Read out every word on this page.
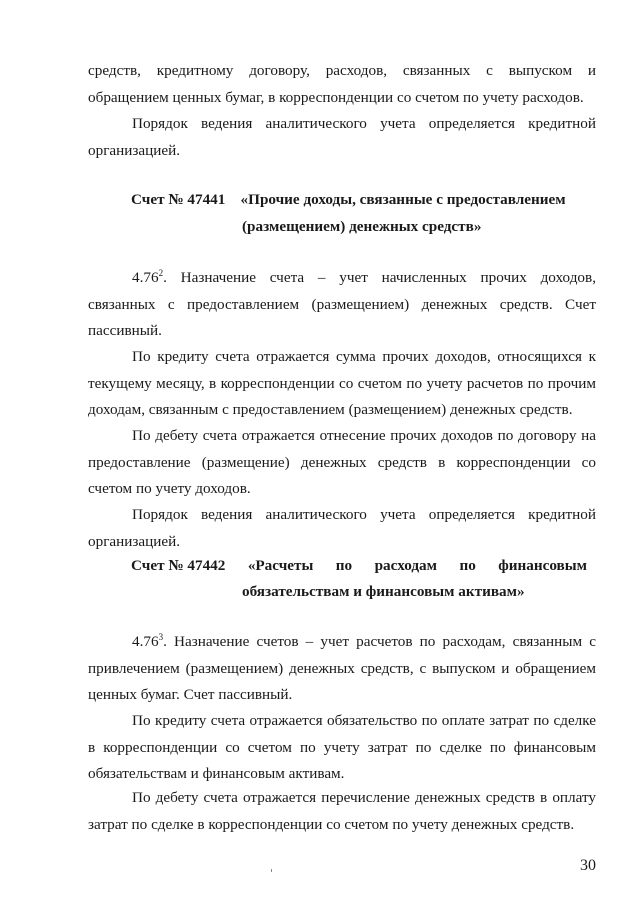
средств, кредитному договору, расходов, связанных с выпуском и обращением ценных бумаг, в корреспонденции со счетом по учету расходов.

Порядок ведения аналитического учета определяется кредитной организацией.

Счет № 47441    «Прочие доходы, связанные с предоставлением
(размещением) денежных средств»

4.76$^2$. Назначение счета – учет начисленных прочих доходов, связанных с предоставлением (размещением) денежных средств. Счет пассивный.

По кредиту счета отражается сумма прочих доходов, относящихся к текущему месяцу, в корреспонденции со счетом по учету расчетов по прочим доходам, связанным с предоставлением (размещением) денежных средств.

По дебету счета отражается отнесение прочих доходов по договору на предоставление (размещение) денежных средств в корреспонденции со счетом по учету доходов.

Порядок ведения аналитического учета определяется кредитной организацией.

Счет № 47442 «Расчеты по расходам по финансовым
обязательствам и финансовым активам»

4.76$^3$. Назначение счетов – учет расчетов по расходам, связанным с привлечением (размещением) денежных средств, с выпуском и обращением ценных бумаг. Счет пассивный.

По кредиту счета отражается обязательство по оплате затрат по сделке в корреспонденции со счетом по учету затрат по сделке по финансовым обязательствам и финансовым активам.

По дебету счета отражается перечисление денежных средств в оплату затрат по сделке в корреспонденции со счетом по учету денежных средств.

30
